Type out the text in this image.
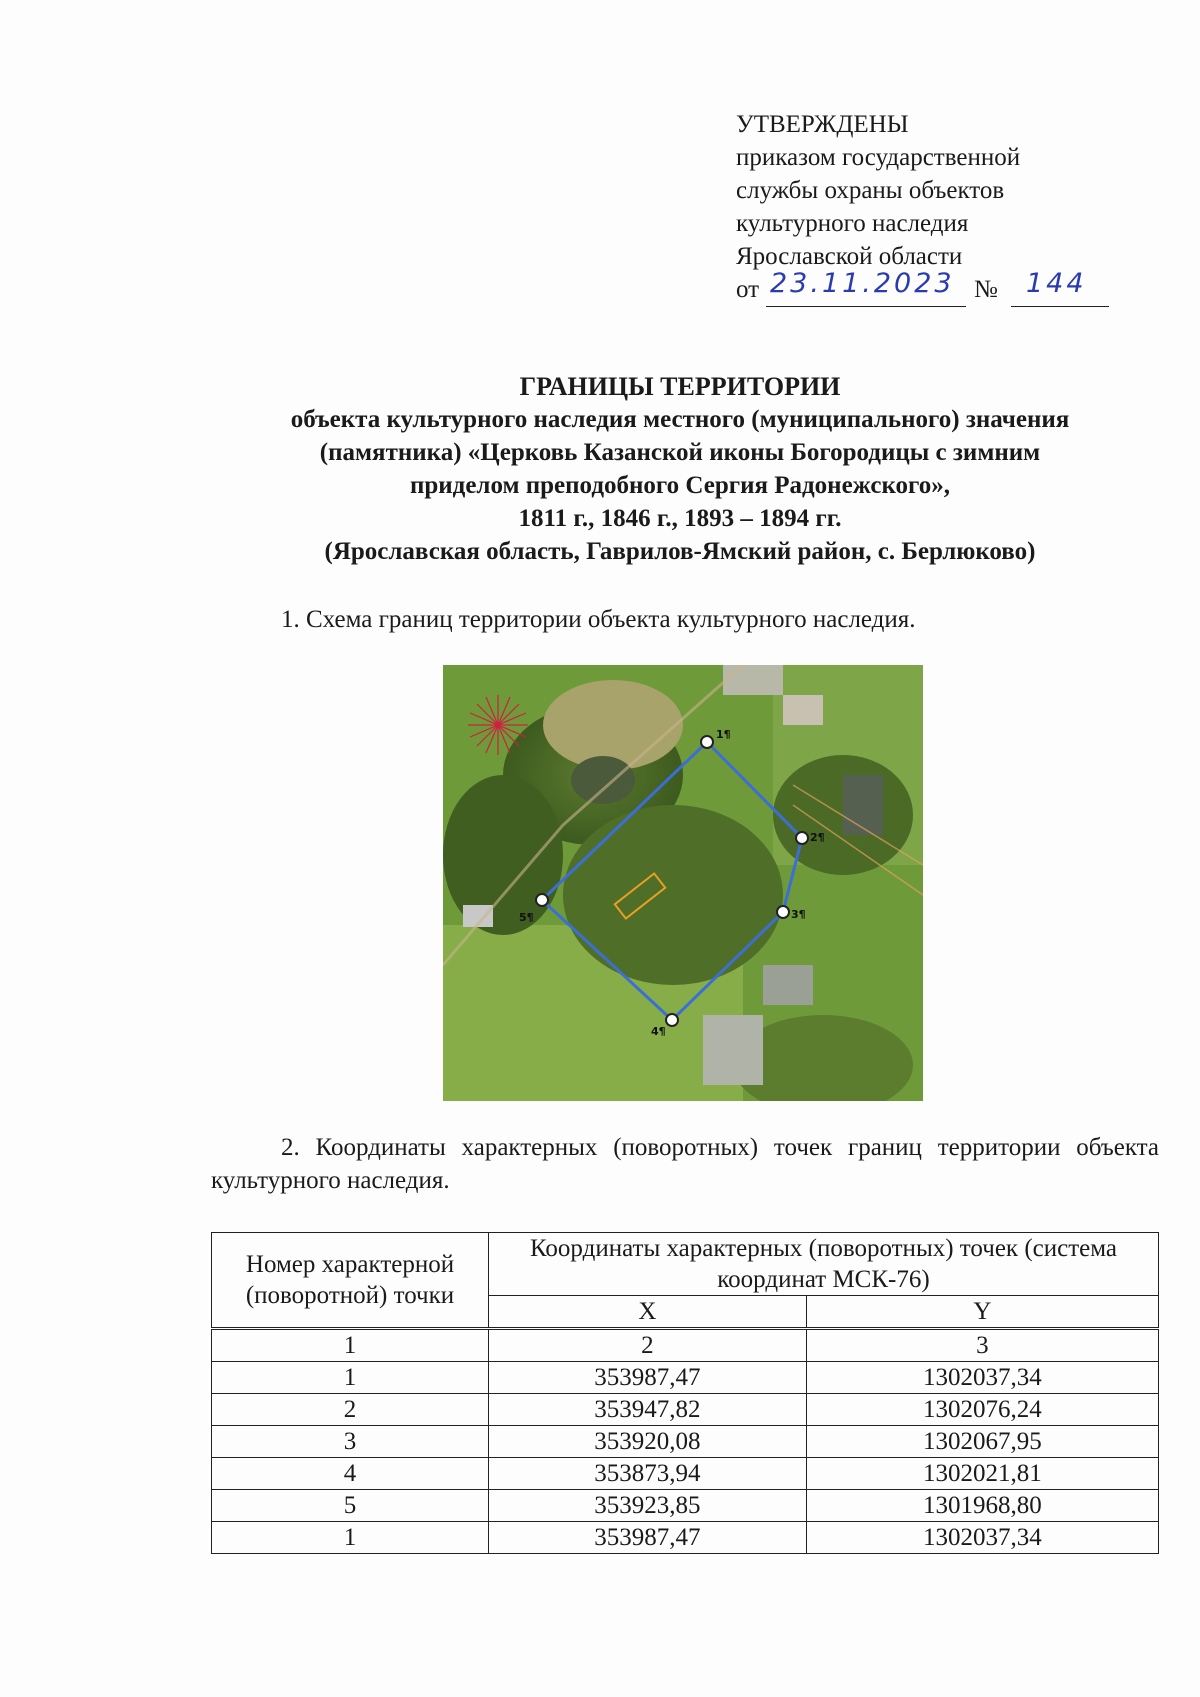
УТВЕРЖДЕНЫ
приказом государственной
службы охраны объектов
культурного наследия
Ярославской области
от 23.11.2023 № 144
ГРАНИЦЫ ТЕРРИТОРИИ
объекта культурного наследия местного (муниципального) значения
(памятника) «Церковь Казанской иконы Богородицы с зимним
приделом преподобного Сергия Радонежского»,
1811 г., 1846 г., 1893 – 1894 гг.
(Ярославская область, Гаврилов-Ямский район, с. Берлюково)
1. Схема границ территории объекта культурного наследия.
1¶
2¶
3¶
4¶
5¶
2. Координаты характерных (поворотных) точек границ территории объекта культурного наследия.
Номер характерной (поворотной) точки	Координаты характерных (поворотных) точек (система координат МСК-76)	
	X	Y
1	2	3
1	353987,47	1302037,34
2	353947,82	1302076,24
3	353920,08	1302067,95
4	353873,94	1302021,81
5	353923,85	1301968,80
1	353987,47	1302037,34
